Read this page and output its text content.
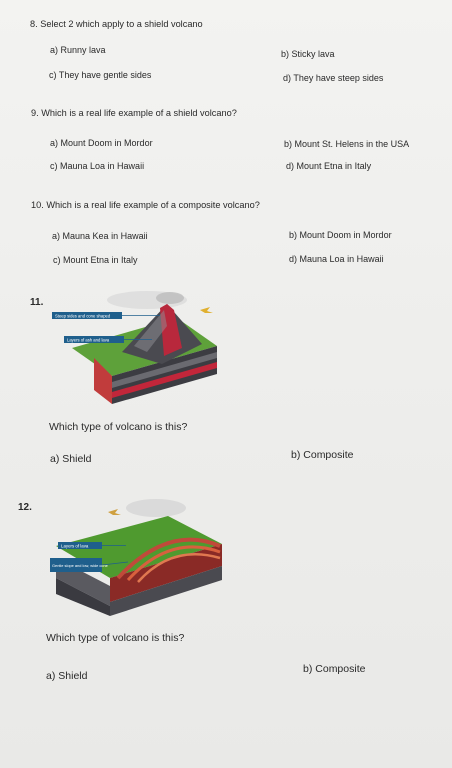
8. Select 2 which apply to a shield volcano
a) Runny lava	b) Sticky lava
c) They have gentle sides	d) They have steep sides
9. Which is a real life example of a shield volcano?
a) Mount Doom in Mordor	b) Mount St. Helens in the USA
c) Mauna Loa in Hawaii	d) Mount Etna in Italy
10. Which is a real life example of a composite volcano?
a) Mauna Kea in Hawaii	b) Mount Doom in Mordor
c) Mount Etna in Italy	d) Mauna Loa in Hawaii
11.
Steep sides and cone shaped
Layers of ash and lava
Which type of volcano is this?
a) Shield	b) Composite
12.
Layers of lava
Gentle slope and low, wide cone
Which type of volcano is this?
a) Shield
b) Composite
